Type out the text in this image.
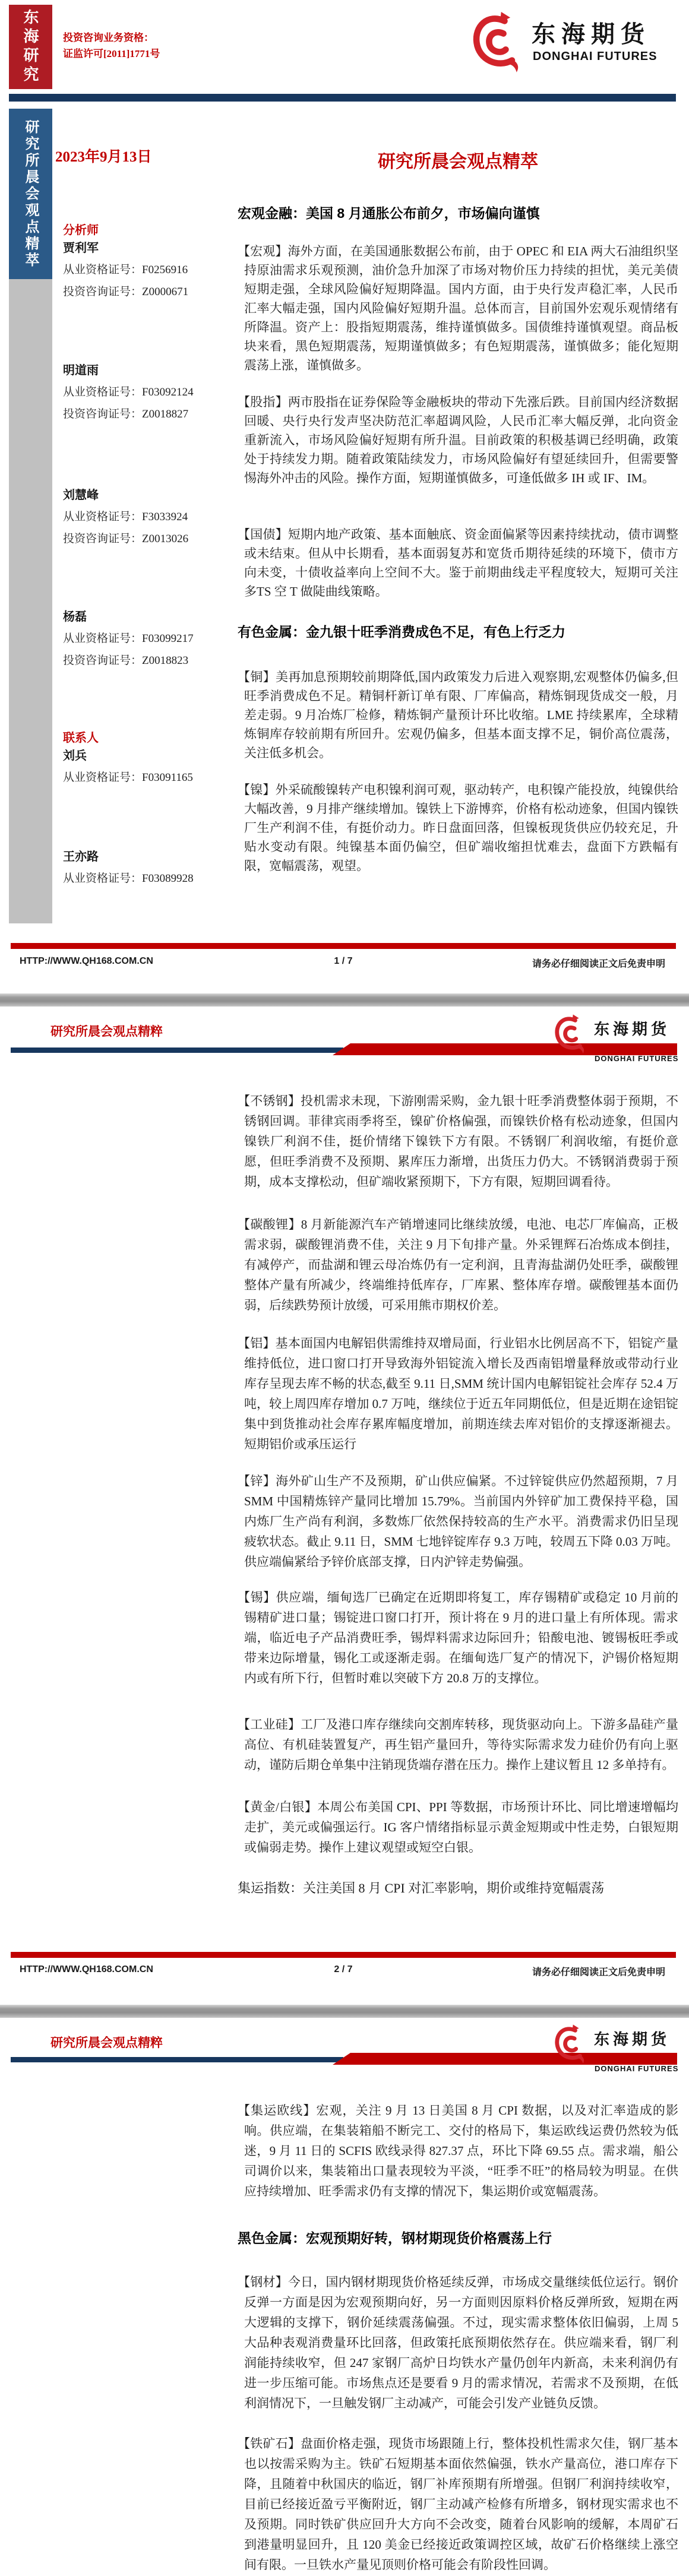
东海研究 投资咨询业务资格：
证监许可[2011]1771号
东海期货
DONGHAI FUTURES
研究所晨会观点精萃 2023年9月13日
分析师
贾利军
从业资格证号：F0256916
投资咨询证号：Z0000671
明道雨
从业资格证号：F03092124
投资咨询证号：Z0018827
刘慧峰
从业资格证号：F3033924
投资咨询证号：Z0013026
杨磊
从业资格证号：F03099217
投资咨询证号：Z0018823
联系人
刘兵
从业资格证号：F03091165
王亦路
从业资格证号：F03089928
研究所晨会观点精萃
宏观金融：美国 8 月通胀公布前夕，市场偏向谨慎
【宏观】海外方面，在美国通胀数据公布前，由于 OPEC 和 EIA 两大石油组织坚持原油需求乐观预测，油价急升加深了市场对物价压力持续的担忧，美元美债短期走强，全球风险偏好短期降温。国内方面，由于央行发声稳汇率，人民币汇率大幅走强，国内风险偏好短期升温。总体而言，目前国外宏观乐观情绪有所降温。资产上：股指短期震荡，维持谨慎做多。国债维持谨慎观望。商品板块来看，黑色短期震荡，短期谨慎做多；有色短期震荡，谨慎做多；能化短期震荡上涨，谨慎做多。
【股指】两市股指在证券保险等金融板块的带动下先涨后跌。目前国内经济数据回暖、央行央行发声坚决防范汇率超调风险，人民币汇率大幅反弹，北向资金重新流入，市场风险偏好短期有所升温。目前政策的积极基调已经明确，政策处于持续发力期。随着政策陆续发力，市场风险偏好有望延续回升，但需要警惕海外冲击的风险。操作方面，短期谨慎做多，可逢低做多 IH 或 IF、IM。
【国债】短期内地产政策、基本面触底、资金面偏紧等因素持续扰动，债市调整或未结束。但从中长期看，基本面弱复苏和宽货币期待延续的环境下，债市方向未变，十债收益率向上空间不大。鉴于前期曲线走平程度较大，短期可关注多TS 空 T 做陡曲线策略。
有色金属：金九银十旺季消费成色不足，有色上行乏力
【铜】美再加息预期较前期降低,国内政策发力后进入观察期,宏观整体仍偏多,但旺季消费成色不足。精铜杆新订单有限、厂库偏高，精炼铜现货成交一般，月差走弱。9 月冶炼厂检修，精炼铜产量预计环比收缩。LME 持续累库，全球精炼铜库存较前期有所回升。宏观仍偏多，但基本面支撑不足，铜价高位震荡，关注低多机会。
【镍】外采硫酸镍转产电积镍利润可观，驱动转产，电积镍产能投放，纯镍供给大幅改善，9 月排产继续增加。镍铁上下游博弈，价格有松动迹象，但国内镍铁厂生产利润不佳，有挺价动力。昨日盘面回落，但镍板现货供应仍较充足，升贴水变动有限。纯镍基本面仍偏空，但矿端收缩担忧难去，盘面下方跌幅有限，宽幅震荡，观望。
HTTP://WWW.QH168.COM.CN	1 / 7	请务必仔细阅读正文后免责申明
研究所晨会观点精粹	东海期货
DONGHAI FUTURES
【不锈钢】投机需求未现，下游刚需采购，金九银十旺季消费整体弱于预期，不锈钢回调。菲律宾雨季将至，镍矿价格偏强，而镍铁价格有松动迹象，但国内镍铁厂利润不佳，挺价情绪下镍铁下方有限。不锈钢厂利润收缩，有挺价意愿，但旺季消费不及预期、累库压力渐增，出货压力仍大。不锈钢消费弱于预期，成本支撑松动，但矿端收紧预期下，下方有限，短期回调看待。
【碳酸锂】8 月新能源汽车产销增速同比继续放缓，电池、电芯厂库偏高，正极需求弱，碳酸锂消费不佳，关注 9 月下旬排产量。外采锂辉石冶炼成本倒挂，有减停产，而盐湖和锂云母冶炼仍有一定利润，且青海盐湖仍处旺季，碳酸锂整体产量有所减少，终端维持低库存，厂库累、整体库存增。碳酸锂基本面仍弱，后续跌势预计放缓，可采用熊市期权价差。
【铝】基本面国内电解铝供需维持双增局面，行业铝水比例居高不下，铝锭产量维持低位，进口窗口打开导致海外铝锭流入增长及西南铝增量释放或带动行业库存呈现去库不畅的状态,截至 9.11 日,SMM 统计国内电解铝锭社会库存 52.4 万吨，较上周四库存增加 0.7 万吨，继续位于近五年同期低位，但是近期在途铝锭集中到货推动社会库存累库幅度增加，前期连续去库对铝价的支撑逐渐褪去。短期铝价或承压运行
【锌】海外矿山生产不及预期，矿山供应偏紧。不过锌锭供应仍然超预期，7 月SMM 中国精炼锌产量同比增加 15.79%。当前国内外锌矿加工费保持平稳，国内炼厂生产尚有利润，多数炼厂依然保持较高的生产水平。消费需求仍旧呈现疲软状态。截止 9.11 日，SMM 七地锌锭库存 9.3 万吨，较周五下降 0.03 万吨。供应端偏紧给予锌价底部支撑，日内沪锌走势偏强。
【锡】供应端，缅甸选厂已确定在近期即将复工，库存锡精矿或稳定 10 月前的锡精矿进口量；锡锭进口窗口打开，预计将在 9 月的进口量上有所体现。需求端，临近电子产品消费旺季，锡焊料需求边际回升；铅酸电池、镀锡板旺季或带来边际增量，锡化工或逐渐走弱。在缅甸选厂复产的情况下，沪锡价格短期内或有所下行，但暂时难以突破下方 20.8 万的支撑位。
【工业硅】工厂及港口库存继续向交割库转移，现货驱动向上。下游多晶硅产量高位、有机硅装置复产，再生铝产量回升，等待实际需求发力硅价仍有向上驱动，谨防后期仓单集中注销现货端存潜在压力。操作上建议暂且 12 多单持有。
【黄金/白银】本周公布美国 CPI、PPI 等数据，市场预计环比、同比增速增幅均走扩，美元或偏强运行。IG 客户情绪指标显示黄金短期或中性走势，白银短期或偏弱走势。操作上建议观望或短空白银。
集运指数：关注美国 8 月 CPI 对汇率影响，期价或维持宽幅震荡
HTTP://WWW.QH168.COM.CN	2 / 7	请务必仔细阅读正文后免责申明
研究所晨会观点精粹	东海期货
DONGHAI FUTURES
【集运欧线】宏观，关注 9 月 13 日美国 8 月 CPI 数据，以及对汇率造成的影响。供应端，在集装箱船不断完工、交付的格局下，集运欧线运费仍然较为低迷，9 月 11 日的 SCFIS 欧线录得 827.37 点，环比下降 69.55 点。需求端，船公司调价以来，集装箱出口量表现较为平淡，“旺季不旺”的格局较为明显。在供应持续增加、旺季需求仍有支撑的情况下，集运期价或宽幅震荡。
黑色金属：宏观预期好转，钢材期现货价格震荡上行
【钢材】今日，国内钢材期现货价格延续反弹，市场成交量继续低位运行。钢价反弹一方面是因为宏观预期向好，另一方面则因原料价格反弹所致，短期在两大逻辑的支撑下，钢价延续震荡偏强。不过，现实需求整体依旧偏弱，上周 5 大品种表观消费量环比回落，但政策托底预期依然存在。供应端来看，钢厂利润能持续收窄，但 247 家钢厂高炉日均铁水产量仍创年内新高，未来利润仍有进一步压缩可能。市场焦点还是要看 9 月的需求情况，若需求不及预期，在低利润情况下，一旦触发钢厂主动减产，可能会引发产业链负反馈。
【铁矿石】盘面价格走强，现货市场跟随上行，整体投机性需求欠佳，钢厂基本也以按需采购为主。铁矿石短期基本面依然偏强，铁水产量高位，港口库存下降，且随着中秋国庆的临近，钢厂补库预期有所增强。但钢厂利润持续收窄，目前已经接近盈亏平衡附近，钢厂主动减产检修有所增多，钢材现实需求也不及预期。同时铁矿供应回升大方向不会改变，随着台风影响的缓解，本周矿石到港量明显回升，且 120 美金已经接近政策调控区域，故矿石价格继续上涨空间有限。一旦铁水产量见顶则价格可能会有阶段性回调。
